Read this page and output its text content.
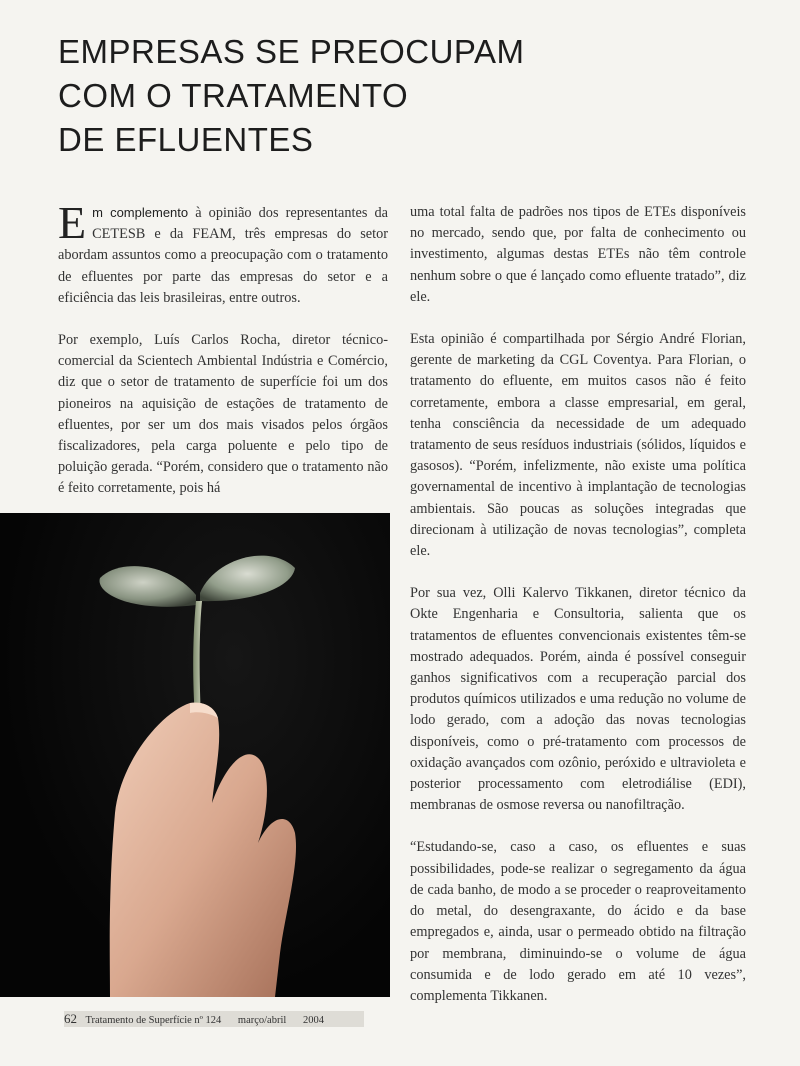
EMPRESAS SE PREOCUPAM
COM O TRATAMENTO
DE EFLUENTES

Em complemento à opinião dos representantes da CETESB e da FEAM, três empresas do setor abordam assuntos como a preocupação com o tratamento de efluentes por parte das empresas do setor e a eficiência das leis brasileiras, entre outros.

Por exemplo, Luís Carlos Rocha, diretor técnico-comercial da Scientech Ambiental Indústria e Comércio, diz que o setor de tratamento de superfície foi um dos pioneiros na aquisição de estações de tratamento de efluentes, por ser um dos mais visados pelos órgãos fiscalizadores, pela carga poluente e pelo tipo de poluição gerada. “Porém, considero que o tratamento não é feito corretamente, pois há

uma total falta de padrões nos tipos de ETEs disponíveis no mercado, sendo que, por falta de conhecimento ou investimento, algumas destas ETEs não têm controle nenhum sobre o que é lançado como efluente tratado”, diz ele.

Esta opinião é compartilhada por Sérgio André Florian, gerente de marketing da CGL Coventya. Para Florian, o tratamento do efluente, em muitos casos não é feito corretamente, embora a classe empresarial, em geral, tenha consciência da necessidade de um adequado tratamento de seus resíduos industriais (sólidos, líquidos e gasosos). “Porém, infelizmente, não existe uma política governamental de incentivo à implantação de tecnologias ambientais. São poucas as soluções integradas que direcionam à utilização de novas tecnologias”, completa ele.

Por sua vez, Olli Kalervo Tikkanen, diretor técnico da Okte Engenharia e Consultoria, salienta que os tratamentos de efluentes convencionais existentes têm-se mostrado adequados. Porém, ainda é possível conseguir ganhos significativos com a recuperação parcial dos produtos químicos utilizados e uma redução no volume de lodo gerado, com a adoção das novas tecnologias disponíveis, como o pré-tratamento com processos de oxidação avançados com ozônio, peróxido e ultravioleta e posterior processamento com eletrodiálise (EDI), membranas de osmose reversa ou nanofiltração.

“Estudando-se, caso a caso, os efluentes e suas possibilidades, pode-se realizar o segregamento da água de cada banho, de modo a se proceder o reaproveitamento do metal, do desengraxante, do ácido e da base empregados e, ainda, usar o permeado obtido na filtração por membrana, diminuindo-se o volume de água consumida e de lodo gerado em até 10 vezes”, complementa Tikkanen.

62 Tratamento de Superfície nº 124 março/abril 2004
